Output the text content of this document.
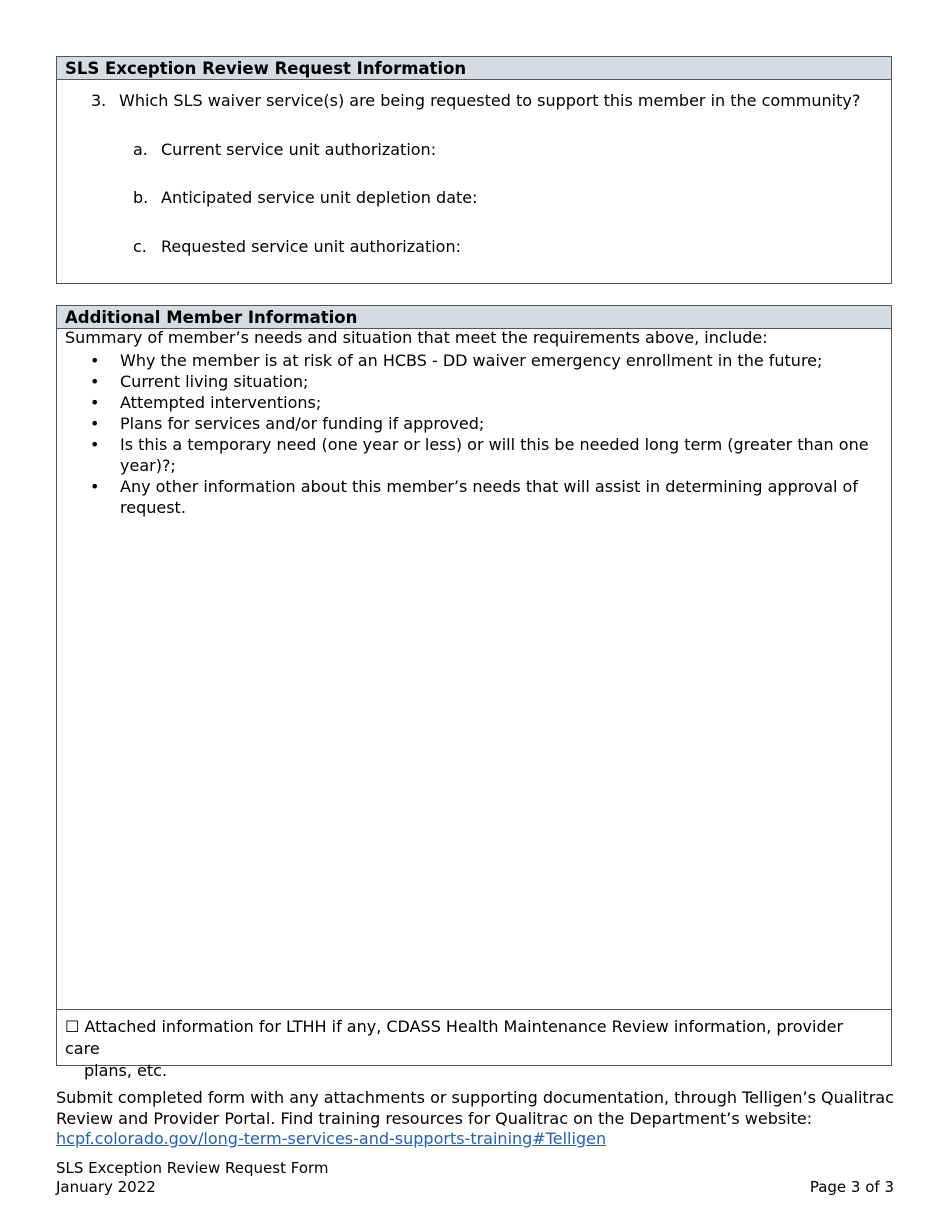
SLS Exception Review Request Information
3. Which SLS waiver service(s) are being requested to support this member in the community?
a. Current service unit authorization:
b. Anticipated service unit depletion date:
c. Requested service unit authorization:
Additional Member Information
Summary of member’s needs and situation that meet the requirements above, include:
• Why the member is at risk of an HCBS - DD waiver emergency enrollment in the future;
• Current living situation;
• Attempted interventions;
• Plans for services and/or funding if approved;
• Is this a temporary need (one year or less) or will this be needed long term (greater than one year)?;
• Any other information about this member’s needs that will assist in determining approval of request.
☐ Attached information for LTHH if any, CDASS Health Maintenance Review information, provider care
plans, etc.
Submit completed form with any attachments or supporting documentation, through Telligen’s Qualitrac
Review and Provider Portal. Find training resources for Qualitrac on the Department’s website:
hcpf.colorado.gov/long-term-services-and-supports-training#Telligen
SLS Exception Review Request Form
January 2022	Page 3 of 3
